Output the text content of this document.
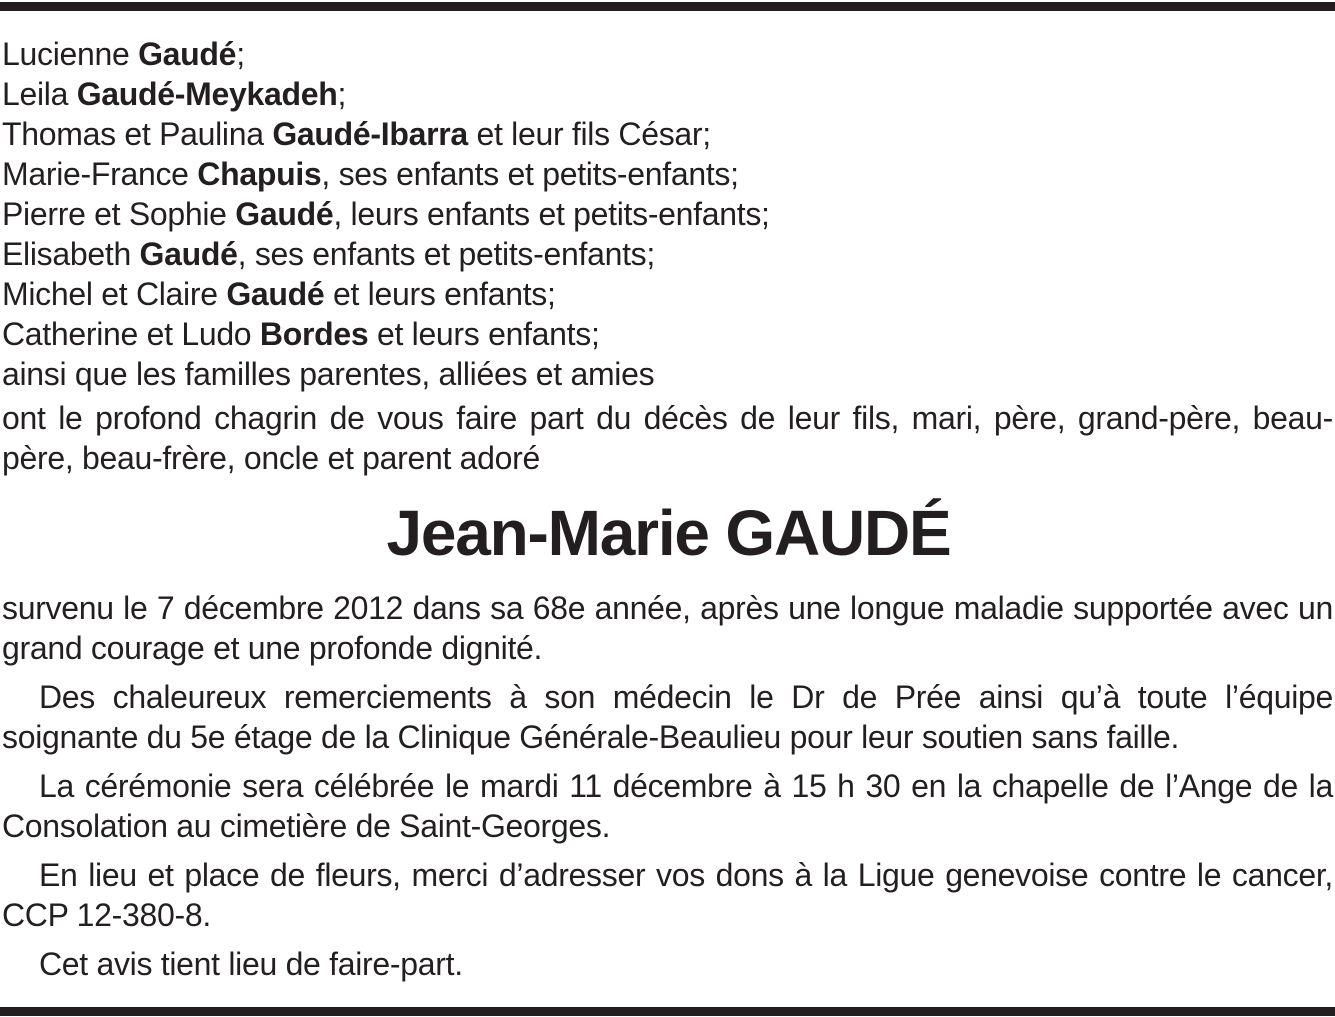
Lucienne Gaudé;
Leila Gaudé-Meykadeh;
Thomas et Paulina Gaudé-Ibarra et leur fils César;
Marie-France Chapuis, ses enfants et petits-enfants;
Pierre et Sophie Gaudé, leurs enfants et petits-enfants;
Elisabeth Gaudé, ses enfants et petits-enfants;
Michel et Claire Gaudé et leurs enfants;
Catherine et Ludo Bordes et leurs enfants;
ainsi que les familles parentes, alliées et amies

ont le profond chagrin de vous faire part du décès de leur fils, mari, père, grand-père, beau-père, beau-frère, oncle et parent adoré

Jean-Marie GAUDÉ

survenu le 7 décembre 2012 dans sa 68e année, après une longue maladie supportée avec un grand courage et une profonde dignité.

Des chaleureux remerciements à son médecin le Dr de Prée ainsi qu’à toute l’équipe soignante du 5e étage de la Clinique Générale-Beaulieu pour leur soutien sans faille.

La cérémonie sera célébrée le mardi 11 décembre à 15 h 30 en la chapelle de l’Ange de la Consolation au cimetière de Saint-Georges.

En lieu et place de fleurs, merci d’adresser vos dons à la Ligue genevoise contre le cancer, CCP 12-380-8.

Cet avis tient lieu de faire-part.
